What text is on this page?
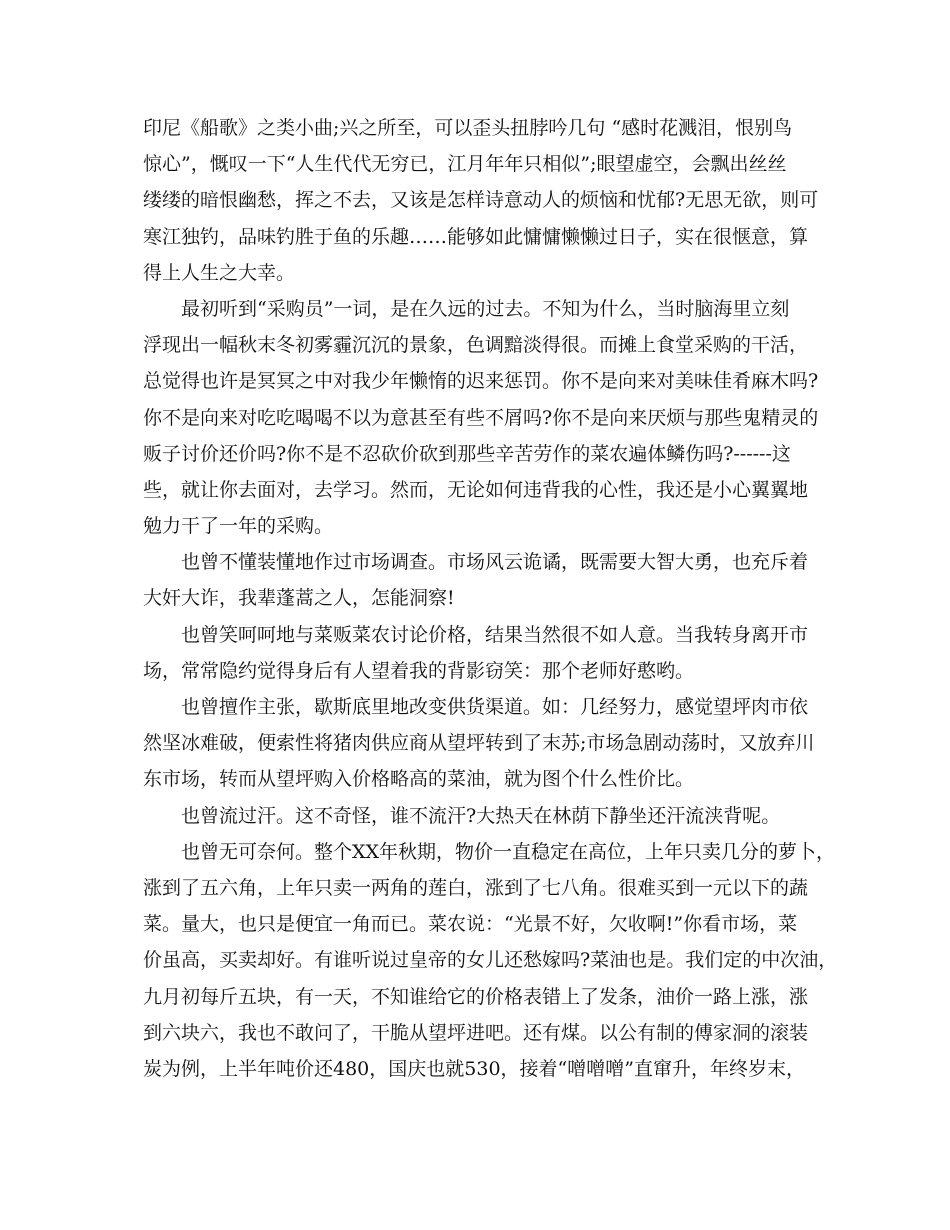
印尼《船歌》之类小曲;兴之所至，可以歪头扭脖吟几句 “感时花溅泪，恨别鸟
惊心”，慨叹一下“人生代代无穷已，江月年年只相似”;眼望虚空，会飘出丝丝
缕缕的暗恨幽愁，挥之不去，又该是怎样诗意动人的烦恼和忧郁?无思无欲，则可
寒江独钓，品味钓胜于鱼的乐趣……能够如此慵慵懒懒过日子，实在很惬意，算
得上人生之大幸。
最初听到“采购员”一词，是在久远的过去。不知为什么，当时脑海里立刻
浮现出一幅秋末冬初雾霾沉沉的景象，色调黯淡得很。而摊上食堂采购的干活，
总觉得也许是冥冥之中对我少年懒惰的迟来惩罚。你不是向来对美味佳肴麻木吗?
你不是向来对吃吃喝喝不以为意甚至有些不屑吗?你不是向来厌烦与那些鬼精灵的
贩子讨价还价吗?你不是不忍砍价砍到那些辛苦劳作的菜农遍体鳞伤吗?------这
些，就让你去面对，去学习。然而，无论如何违背我的心性，我还是小心翼翼地
勉力干了一年的采购。
也曾不懂装懂地作过市场调查。市场风云诡谲，既需要大智大勇，也充斥着
大奸大诈，我辈蓬蒿之人，怎能洞察!
也曾笑呵呵地与菜贩菜农讨论价格，结果当然很不如人意。当我转身离开市
场，常常隐约觉得身后有人望着我的背影窃笑：那个老师好憨哟。
也曾擅作主张，歇斯底里地改变供货渠道。如：几经努力，感觉望坪肉市依
然坚冰难破，便索性将猪肉供应商从望坪转到了末苏;市场急剧动荡时，又放弃川
东市场，转而从望坪购入价格略高的菜油，就为图个什么性价比。
也曾流过汗。这不奇怪，谁不流汗?大热天在林荫下静坐还汗流浃背呢。
也曾无可奈何。整个XX年秋期，物价一直稳定在高位，上年只卖几分的萝卜，
涨到了五六角，上年只卖一两角的莲白，涨到了七八角。很难买到一元以下的蔬
菜。量大，也只是便宜一角而已。菜农说：“光景不好，欠收啊!”你看市场，菜
价虽高，买卖却好。有谁听说过皇帝的女儿还愁嫁吗?菜油也是。我们定的中次油，
九月初每斤五块，有一天，不知谁给它的价格表错上了发条，油价一路上涨，涨
到六块六，我也不敢问了，干脆从望坪进吧。还有煤。以公有制的傅家洞的滚装
炭为例，上半年吨价还480，国庆也就530，接着“噌噌噌”直窜升，年终岁末，
